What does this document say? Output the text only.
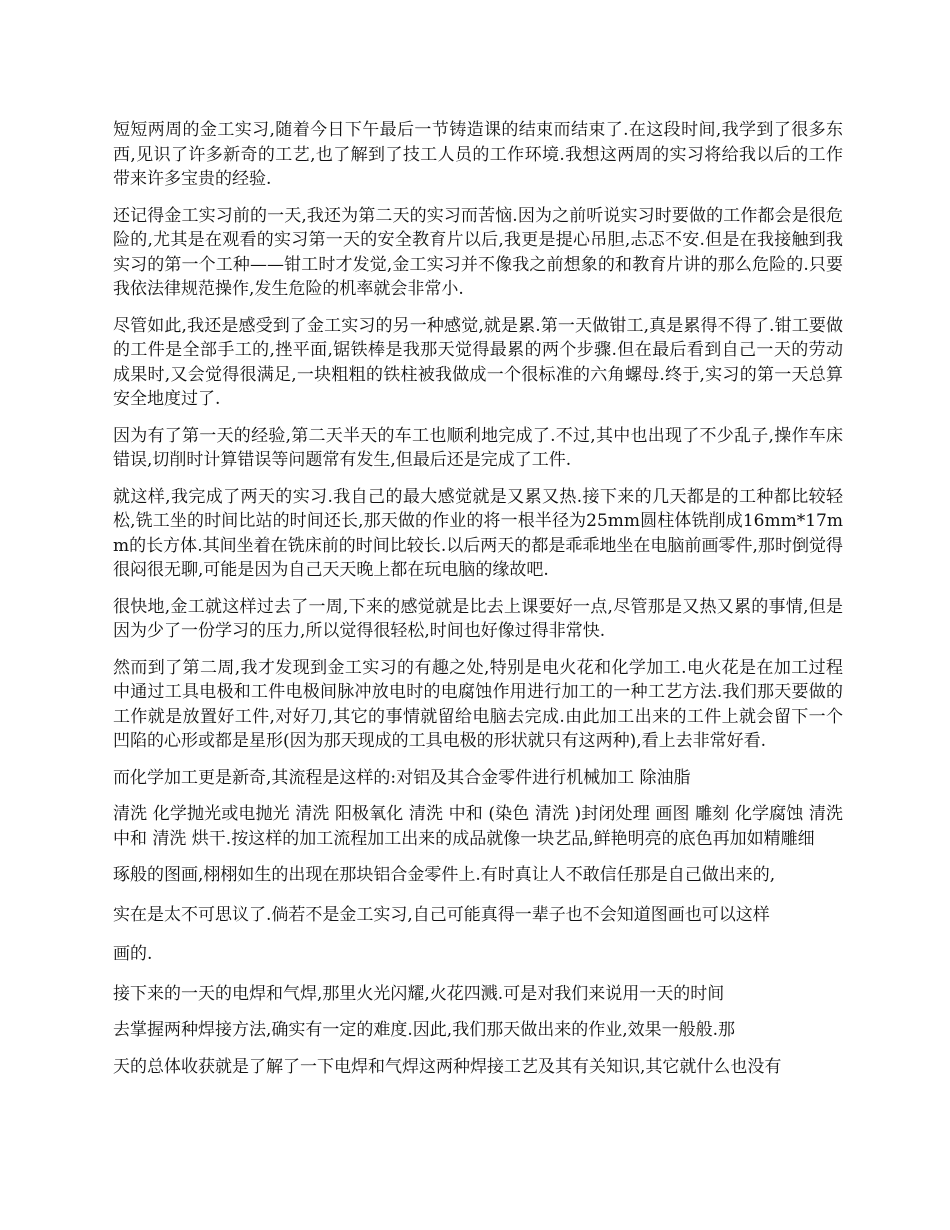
短短两周的金工实习,随着今日下午最后一节铸造课的结束而结束了.在这段时间,我学到了很多东西,见识了许多新奇的工艺,也了解到了技工人员的工作环境.我想这两周的实习将给我以后的工作带来许多宝贵的经验.

还记得金工实习前的一天,我还为第二天的实习而苦恼.因为之前听说实习时要做的工作都会是很危险的,尤其是在观看的实习第一天的安全教育片以后,我更是提心吊胆,忐忑不安.但是在我接触到我实习的第一个工种——钳工时才发觉,金工实习并不像我之前想象的和教育片讲的那么危险的.只要我依法律规范操作,发生危险的机率就会非常小.

尽管如此,我还是感受到了金工实习的另一种感觉,就是累.第一天做钳工,真是累得不得了.钳工要做的工件是全部手工的,挫平面,锯铁棒是我那天觉得最累的两个步骤.但在最后看到自己一天的劳动成果时,又会觉得很满足,一块粗粗的铁柱被我做成一个很标准的六角螺母.终于,实习的第一天总算安全地度过了.

因为有了第一天的经验,第二天半天的车工也顺利地完成了.不过,其中也出现了不少乱子,操作车床错误,切削时计算错误等问题常有发生,但最后还是完成了工件.

就这样,我完成了两天的实习.我自己的最大感觉就是又累又热.接下来的几天都是的工种都比较轻松,铣工坐的时间比站的时间还长,那天做的作业的将一根半径为25mm圆柱体铣削成16mm*17mm的长方体.其间坐着在铣床前的时间比较长.以后两天的都是乖乖地坐在电脑前画零件,那时倒觉得很闷很无聊,可能是因为自己天天晚上都在玩电脑的缘故吧.

很快地,金工就这样过去了一周,下来的感觉就是比去上课要好一点,尽管那是又热又累的事情,但是因为少了一份学习的压力,所以觉得很轻松,时间也好像过得非常快.

然而到了第二周,我才发现到金工实习的有趣之处,特别是电火花和化学加工.电火花是在加工过程中通过工具电极和工件电极间脉冲放电时的电腐蚀作用进行加工的一种工艺方法.我们那天要做的工作就是放置好工件,对好刀,其它的事情就留给电脑去完成.由此加工出来的工件上就会留下一个凹陷的心形或都是星形(因为那天现成的工具电极的形状就只有这两种),看上去非常好看.

而化学加工更是新奇,其流程是这样的:对铝及其合金零件进行机械加工 除油脂

清洗 化学抛光或电抛光 清洗 阳极氧化 清洗 中和 (染色 清洗 )封闭处理 画图 雕刻 化学腐蚀 清洗 中和 清洗 烘干.按这样的加工流程加工出来的成品就像一块艺品,鲜艳明亮的底色再加如精雕细

琢般的图画,栩栩如生的出现在那块铝合金零件上.有时真让人不敢信任那是自己做出来的,

实在是太不可思议了.倘若不是金工实习,自己可能真得一辈子也不会知道图画也可以这样

画的.

接下来的一天的电焊和气焊,那里火光闪耀,火花四溅.可是对我们来说用一天的时间

去掌握两种焊接方法,确实有一定的难度.因此,我们那天做出来的作业,效果一般般.那

天的总体收获就是了解了一下电焊和气焊这两种焊接工艺及其有关知识,其它就什么也没有
